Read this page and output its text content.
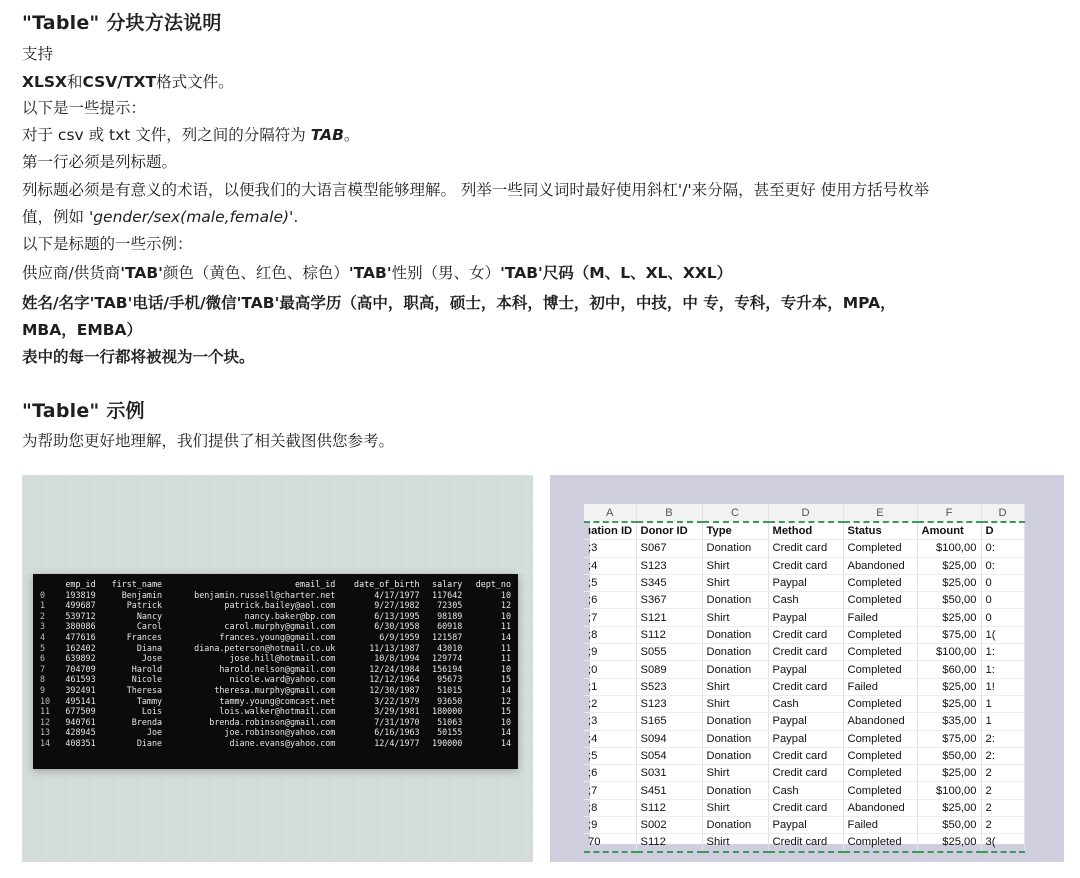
"Table" 分块方法说明
支持
XLSX和CSV/TXT格式文件。
以下是一些提示：
对于 csv 或 txt 文件，列之间的分隔符为 TAB。
第一行必须是列标题。
列标题必须是有意义的术语，以便我们的大语言模型能够理解。 列举一些同义词时最好使用斜杠'/'来分隔，甚至更好 使用方括号枚举
值，例如 'gender/sex(male,female)'.
以下是标题的一些示例：
供应商/供货商'TAB'颜色（黄色、红色、棕色）'TAB'性别（男、女）'TAB'尺码（M、L、XL、XXL）
姓名/名字'TAB'电话/手机/微信'TAB'最高学历（高中，职高，硕士，本科，博士，初中，中技，中 专，专科，专升本，MPA，
MBA，EMBA）
表中的每一行都将被视为一个块。
"Table" 示例
为帮助您更好地理解，我们提供了相关截图供您参考。
	emp_id	first_name	email_id	date_of_birth	salary	dept_no
0	193819	Benjamin	benjamin.russell@charter.net	4/17/1977	117642	10
1	499687	Patrick	patrick.bailey@aol.com	9/27/1982	72305	12
2	539712	Nancy	nancy.baker@bp.com	6/13/1995	98189	10
3	380086	Carol	carol.murphy@gmail.com	6/30/1958	60918	11
4	477616	Frances	frances.young@gmail.com	6/9/1959	121587	14
5	162402	Diana	diana.peterson@hotmail.co.uk	11/13/1987	43010	11
6	639892	Jose	jose.hill@hotmail.com	10/8/1994	129774	11
7	704709	Harold	harold.nelson@gmail.com	12/24/1984	156194	10
8	461593	Nicole	nicole.ward@yahoo.com	12/12/1964	95673	15
9	392491	Theresa	theresa.murphy@gmail.com	12/30/1987	51015	14
10	495141	Tammy	tammy.young@comcast.net	3/22/1979	93650	12
11	677509	Lois	lois.walker@hotmail.com	3/29/1981	180000	15
12	940761	Brenda	brenda.robinson@gmail.com	7/31/1970	51063	10
13	428945	Joe	joe.robinson@yahoo.com	6/16/1963	50155	14
14	408351	Diane	diane.evans@yahoo.com	12/4/1977	190000	14
A	B	C	D	E	F	D
ıation ID	Donor ID	Type	Method	Status	Amount	D
;3	S067	Donation	Credit card	Completed	$100,00	0:
;4	S123	Shirt	Credit card	Abandoned	$25,00	0:
;5	S345	Shirt	Paypal	Completed	$25,00	0
;6	S367	Donation	Cash	Completed	$50,00	0
;7	S121	Shirt	Paypal	Failed	$25,00	0
;8	S112	Donation	Credit card	Completed	$75,00	1(
;9	S055	Donation	Credit card	Completed	$100,00	1:
;0	S089	Donation	Paypal	Completed	$60,00	1:
;1	S523	Shirt	Credit card	Failed	$25,00	1!
;2	S123	Shirt	Cash	Completed	$25,00	1
;3	S165	Donation	Paypal	Abandoned	$35,00	1
;4	S094	Donation	Paypal	Completed	$75,00	2:
;5	S054	Donation	Credit card	Completed	$50,00	2:
;6	S031	Shirt	Credit card	Completed	$25,00	2
;7	S451	Donation	Cash	Completed	$100,00	2
;8	S112	Shirt	Credit card	Abandoned	$25,00	2
;9	S002	Donation	Paypal	Failed	$50,00	2
70	S112	Shirt	Credit card	Completed	$25,00	3(
